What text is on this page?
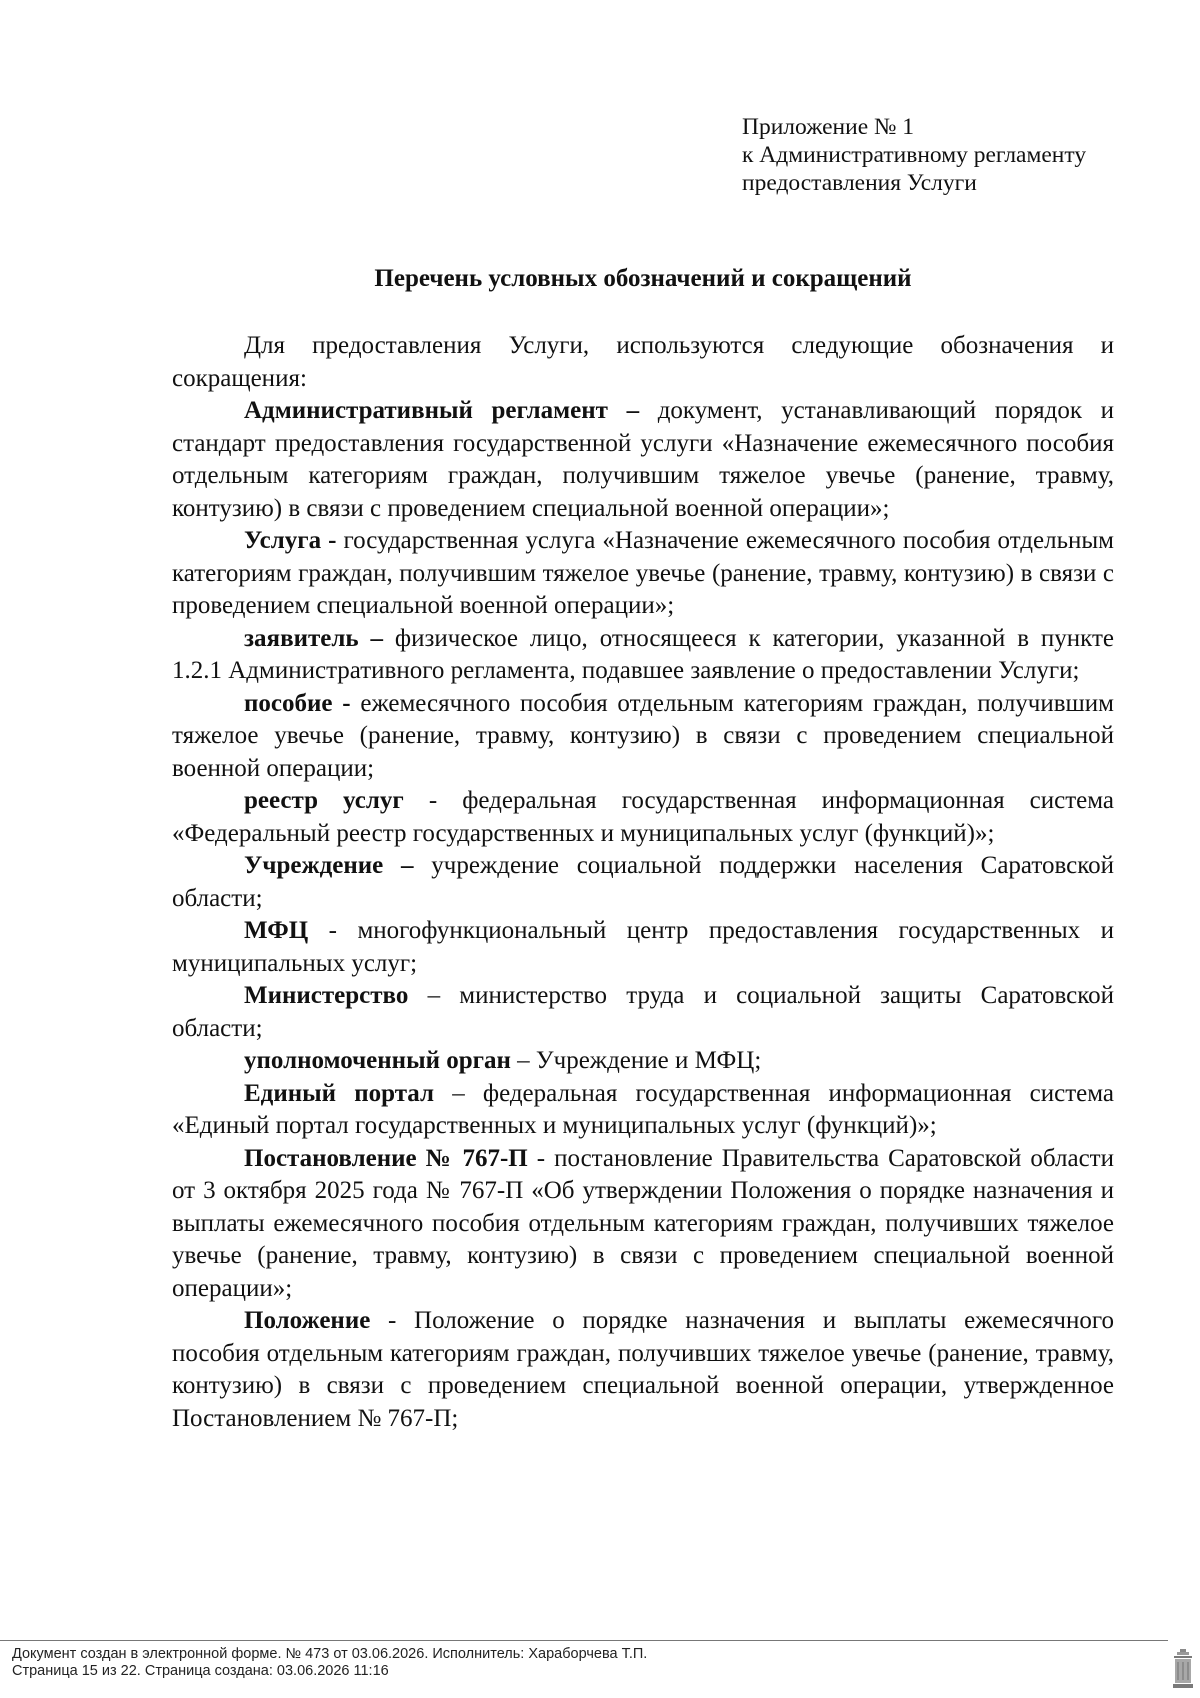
Приложение № 1
к Административному регламенту
предоставления Услуги
Перечень условных обозначений и сокращений

Для предоставления Услуги, используются следующие обозначения и сокращения:

Административный регламент – документ, устанавливающий порядок и стандарт предоставления государственной услуги «Назначение ежемесячного пособия отдельным категориям граждан, получившим тяжелое увечье (ранение, травму, контузию) в связи с проведением специальной военной операции»;

Услуга - государственная услуга «Назначение ежемесячного пособия отдельным категориям граждан, получившим тяжелое увечье (ранение, травму, контузию) в связи с проведением специальной военной операции»;

заявитель – физическое лицо, относящееся к категории, указанной в пункте 1.2.1 Административного регламента, подавшее заявление о предоставлении Услуги;

пособие - ежемесячного пособия отдельным категориям граждан, получившим тяжелое увечье (ранение, травму, контузию) в связи с проведением специальной военной операции;

реестр услуг - федеральная государственная информационная система «Федеральный реестр государственных и муниципальных услуг (функций)»;

Учреждение – учреждение социальной поддержки населения Саратовской области;

МФЦ - многофункциональный центр предоставления государственных и муниципальных услуг;

Министерство – министерство труда и социальной защиты Саратовской области;

уполномоченный орган – Учреждение и МФЦ;

Единый портал – федеральная государственная информационная система «Единый портал государственных и муниципальных услуг (функций)»;

Постановление № 767-П - постановление Правительства Саратовской области от 3 октября 2025 года № 767-П «Об утверждении Положения о порядке назначения и выплаты ежемесячного пособия отдельным категориям граждан, получивших тяжелое увечье (ранение, травму, контузию) в связи с проведением специальной военной операции»;

Положение - Положение о порядке назначения и выплаты ежемесячного пособия отдельным категориям граждан, получивших тяжелое увечье (ранение, травму, контузию) в связи с проведением специальной военной операции, утвержденное Постановлением № 767-П;

Документ создан в электронной форме. № 473 от 03.06.2026. Исполнитель: Хараборчева Т.П.
Страница 15 из 22. Страница создана: 03.06.2026 11:16
